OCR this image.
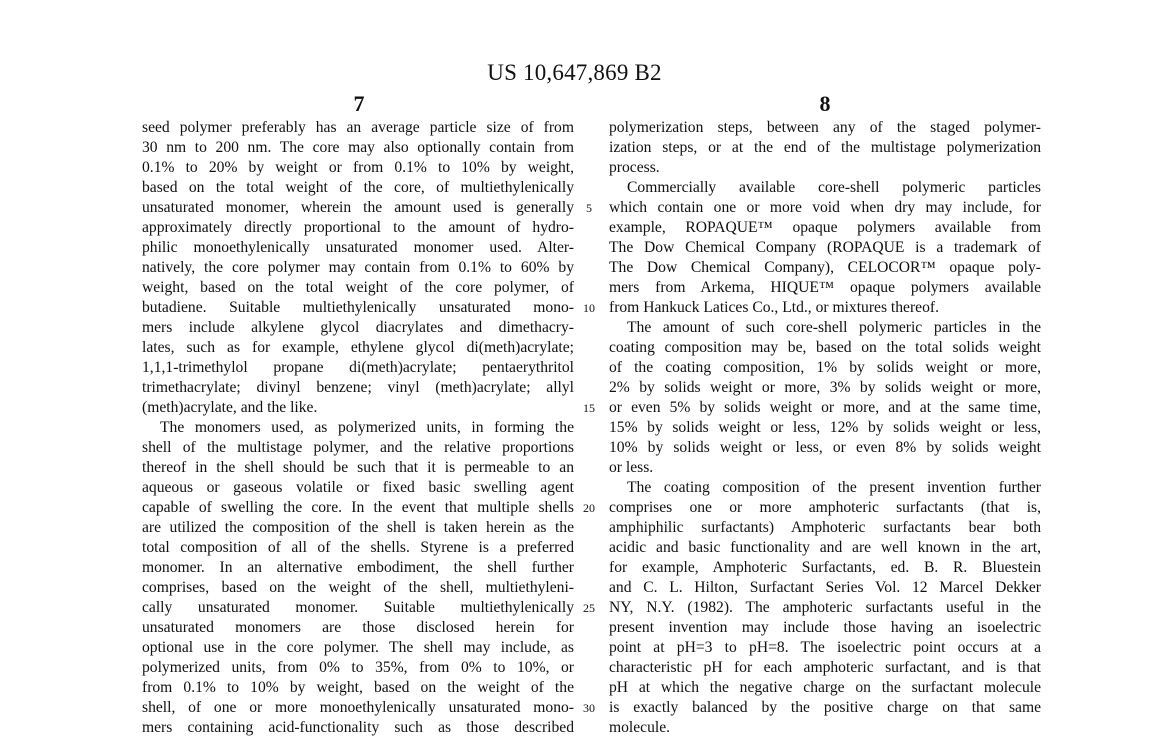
US 10,647,869 B2
7	8
seed polymer preferably has an average particle size of from
30 nm to 200 nm. The core may also optionally contain from
0.1% to 20% by weight or from 0.1% to 10% by weight,
based on the total weight of the core, of multiethylenically
unsaturated monomer, wherein the amount used is generally
approximately directly proportional to the amount of hydro-
philic monoethylenically unsaturated monomer used. Alter-
natively, the core polymer may contain from 0.1% to 60% by
weight, based on the total weight of the core polymer, of
butadiene. Suitable multiethylenically unsaturated mono-
mers include alkylene glycol diacrylates and dimethacry-
lates, such as for example, ethylene glycol di(meth)acrylate;
1,1,1-trimethylol propane di(meth)acrylate; pentaerythritol
trimethacrylate; divinyl benzene; vinyl (meth)acrylate; allyl
(meth)acrylate, and the like.
The monomers used, as polymerized units, in forming the
shell of the multistage polymer, and the relative proportions
thereof in the shell should be such that it is permeable to an
aqueous or gaseous volatile or fixed basic swelling agent
capable of swelling the core. In the event that multiple shells
are utilized the composition of the shell is taken herein as the
total composition of all of the shells. Styrene is a preferred
monomer. In an alternative embodiment, the shell further
comprises, based on the weight of the shell, multiethyleni-
cally unsaturated monomer. Suitable multiethylenically
unsaturated monomers are those disclosed herein for
optional use in the core polymer. The shell may include, as
polymerized units, from 0% to 35%, from 0% to 10%, or
from 0.1% to 10% by weight, based on the weight of the
shell, of one or more monoethylenically unsaturated mono-
mers containing acid-functionality such as those described
5
10
15
20
25
30
polymerization steps, between any of the staged polymer-
ization steps, or at the end of the multistage polymerization
process.
Commercially available core-shell polymeric particles
which contain one or more void when dry may include, for
example, ROPAQUE™ opaque polymers available from
The Dow Chemical Company (ROPAQUE is a trademark of
The Dow Chemical Company), CELOCOR™ opaque poly-
mers from Arkema, HIQUE™ opaque polymers available
from Hankuck Latices Co., Ltd., or mixtures thereof.
The amount of such core-shell polymeric particles in the
coating composition may be, based on the total solids weight
of the coating composition, 1% by solids weight or more,
2% by solids weight or more, 3% by solids weight or more,
or even 5% by solids weight or more, and at the same time,
15% by solids weight or less, 12% by solids weight or less,
10% by solids weight or less, or even 8% by solids weight
or less.
The coating composition of the present invention further
comprises one or more amphoteric surfactants (that is,
amphiphilic surfactants) Amphoteric surfactants bear both
acidic and basic functionality and are well known in the art,
for example, Amphoteric Surfactants, ed. B. R. Bluestein
and C. L. Hilton, Surfactant Series Vol. 12 Marcel Dekker
NY, N.Y. (1982). The amphoteric surfactants useful in the
present invention may include those having an isoelectric
point at pH=3 to pH=8. The isoelectric point occurs at a
characteristic pH for each amphoteric surfactant, and is that
pH at which the negative charge on the surfactant molecule
is exactly balanced by the positive charge on that same
molecule.
